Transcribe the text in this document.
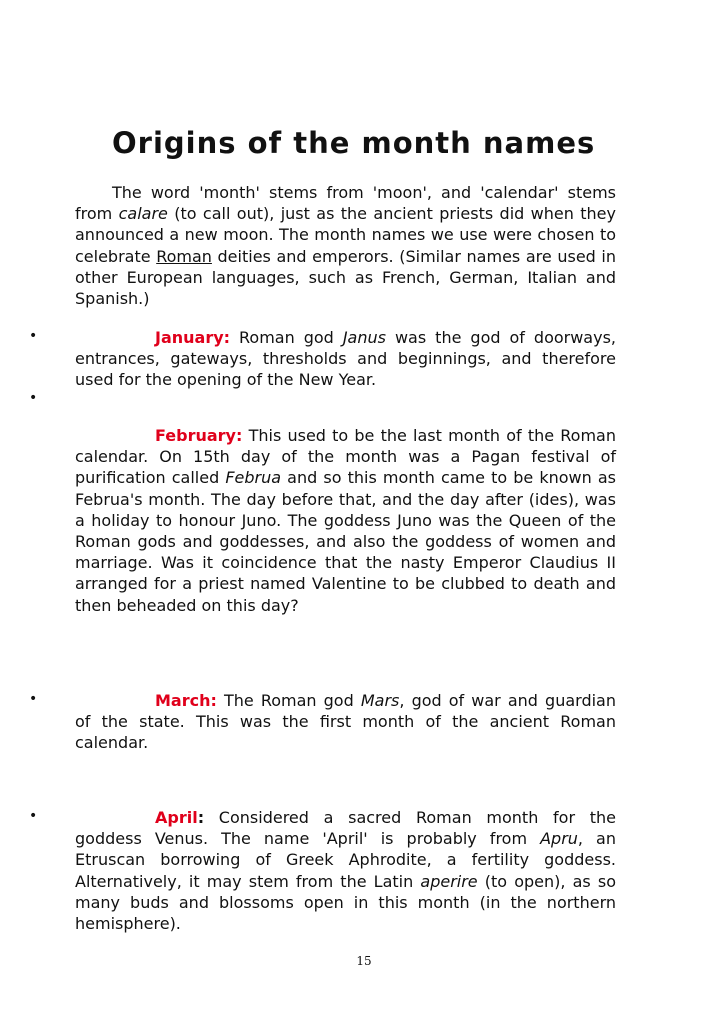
Origins of the month names

The word 'month' stems from 'moon', and 'calendar' stems from calare (to call out), just as the ancient priests did when they announced a new moon. The month names we use were chosen to celebrate Roman deities and emperors. (Similar names are used in other European languages, such as French, German, Italian and Spanish.)

•	January: Roman god Janus was the god of doorways, entrances, gateways, thresholds and beginnings, and therefore used for the opening of the New Year.

•

February: This used to be the last month of the Roman calendar. On 15th day of the month was a Pagan festival of purification called Februa and so this month came to be known as Februa's month. The day before that, and the day after (ides), was a holiday to honour Juno. The goddess Juno was the Queen of the Roman gods and goddesses, and also the goddess of women and marriage. Was it coincidence that the nasty Emperor Claudius II arranged for a priest named Valentine to be clubbed to death and then beheaded on this day?

•	March: The Roman god Mars, god of war and guardian of the state. This was the first month of the ancient Roman calendar.

•	April: Considered a sacred Roman month for the goddess Venus. The name 'April' is probably from Apru, an Etruscan borrowing of Greek Aphrodite, a fertility goddess. Alternatively, it may stem from the Latin aperire (to open), as so many buds and blossoms open in this month (in the northern hemisphere).

15
